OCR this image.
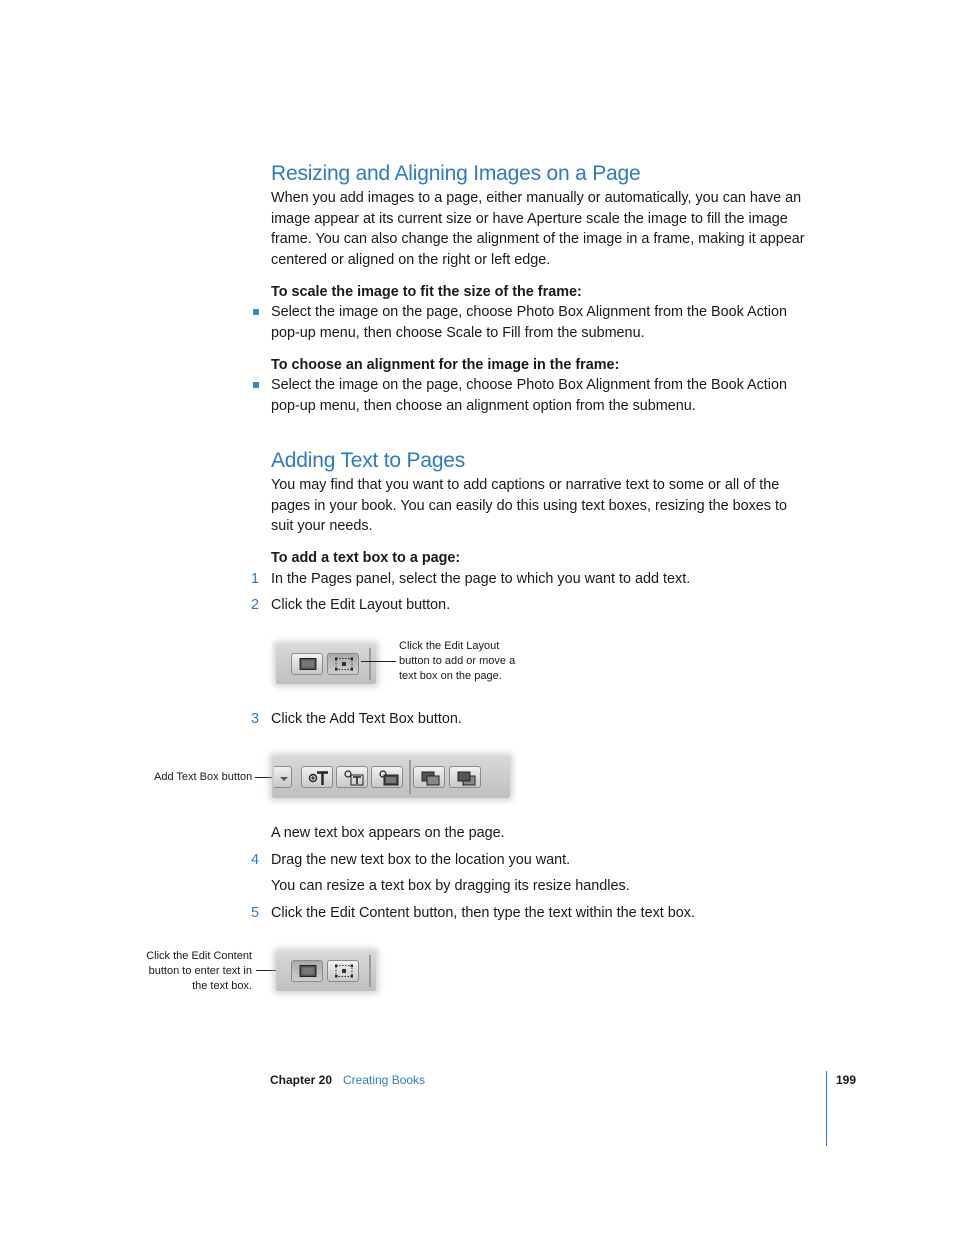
Resizing and Aligning Images on a Page

When you add images to a page, either manually or automatically, you can have an image appear at its current size or have Aperture scale the image to fill the image frame. You can also change the alignment of the image in a frame, making it appear centered or aligned on the right or left edge.

To scale the image to fit the size of the frame:
Select the image on the page, choose Photo Box Alignment from the Book Action pop-up menu, then choose Scale to Fill from the submenu.
To choose an alignment for the image in the frame:
Select the image on the page, choose Photo Box Alignment from the Book Action pop-up menu, then choose an alignment option from the submenu.
Adding Text to Pages

You may find that you want to add captions or narrative text to some or all of the pages in your book. You can easily do this using text boxes, resizing the boxes to suit your needs.

To add a text box to a page:
1 In the Pages panel, select the page to which you want to add text.
2 Click the Edit Layout button.
Click the Edit Layout
button to add or move a
text box on the page.
3 Click the Add Text Box button.
Add Text Box button

A new text box appears on the page.

4 Drag the new text box to the location you want.

You can resize a text box by dragging its resize handles.

5 Click the Edit Content button, then type the text within the text box.
Click the Edit Content
button to enter text in
the text box.
Chapter 20 Creating Books	199
